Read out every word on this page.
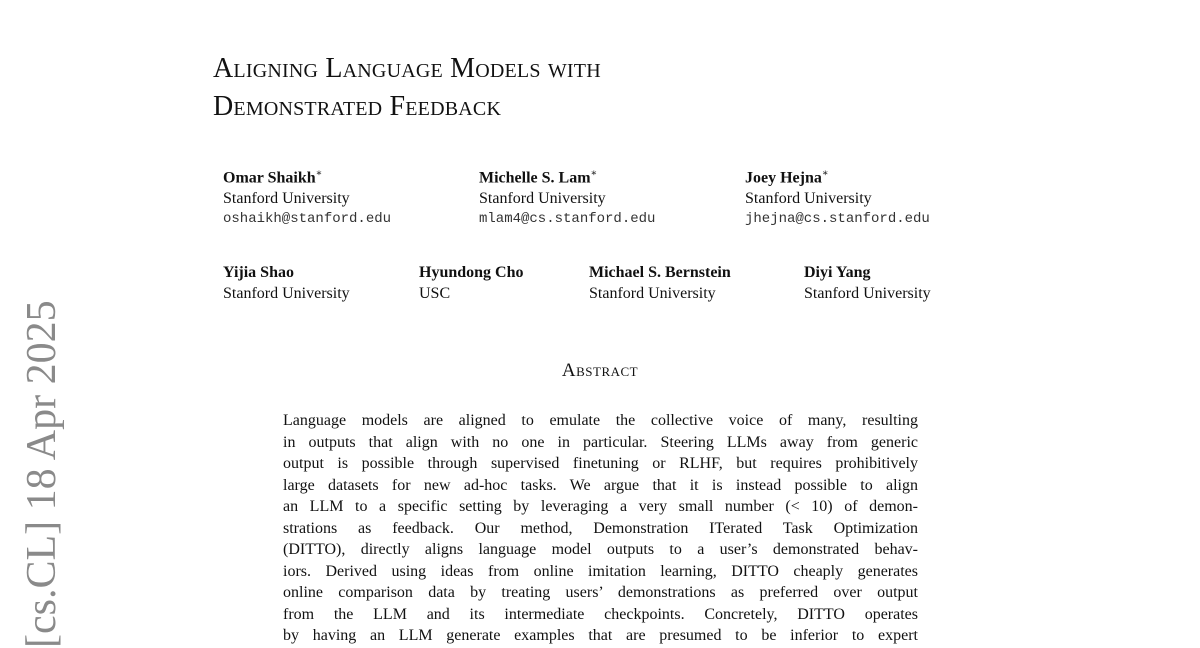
[cs.CL] 18 Apr 2025
Aligning Language Models with
Demonstrated Feedback
Omar Shaikh∗
Stanford University
oshaikh@stanford.edu
Michelle S. Lam∗
Stanford University
mlam4@cs.stanford.edu
Joey Hejna∗
Stanford University
jhejna@cs.stanford.edu
Yijia Shao
Stanford University
Hyundong Cho
USC
Michael S. Bernstein
Stanford University
Diyi Yang
Stanford University
Abstract
Language models are aligned to emulate the collective voice of many, resulting
in outputs that align with no one in particular. Steering LLMs away from generic
output is possible through supervised finetuning or RLHF, but requires prohibitively
large datasets for new ad-hoc tasks. We argue that it is instead possible to align
an LLM to a specific setting by leveraging a very small number (< 10) of demon-
strations as feedback. Our method, Demonstration ITerated Task Optimization
(DITTO), directly aligns language model outputs to a user’s demonstrated behav-
iors. Derived using ideas from online imitation learning, DITTO cheaply generates
online comparison data by treating users’ demonstrations as preferred over output
from the LLM and its intermediate checkpoints. Concretely, DITTO operates
by having an LLM generate examples that are presumed to be inferior to expert
